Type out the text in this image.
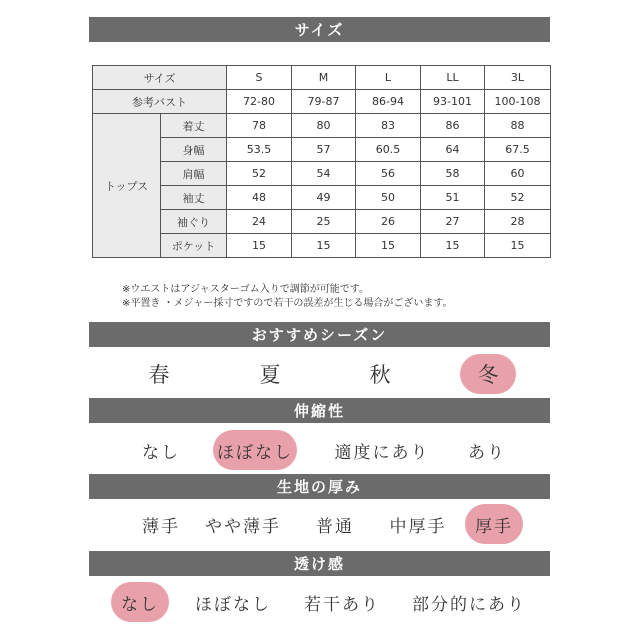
サイズ
サイズ		S	M	L	LL	3L
参考バスト		72-80	79-87	86-94	93-101	100-108
トップス	着丈	78	80	83	86	88
	身幅	53.5	57	60.5	64	67.5
	肩幅	52	54	56	58	60
	袖丈	48	49	50	51	52
	袖ぐり	24	25	26	27	28
	ポケット	15	15	15	15	15
※ウエストはアジャスターゴム入りで調節が可能です。
※平置き ・メジャー採寸ですので若干の誤差が生じる場合がございます。
おすすめシーズン
春	夏	秋	冬
伸縮性
なし ほぼなし 適度にあり あり
生地の厚み
薄手 やや薄手 普通 中厚手 厚手
透け感
なし ほぼなし 若干あり 部分的にあり
